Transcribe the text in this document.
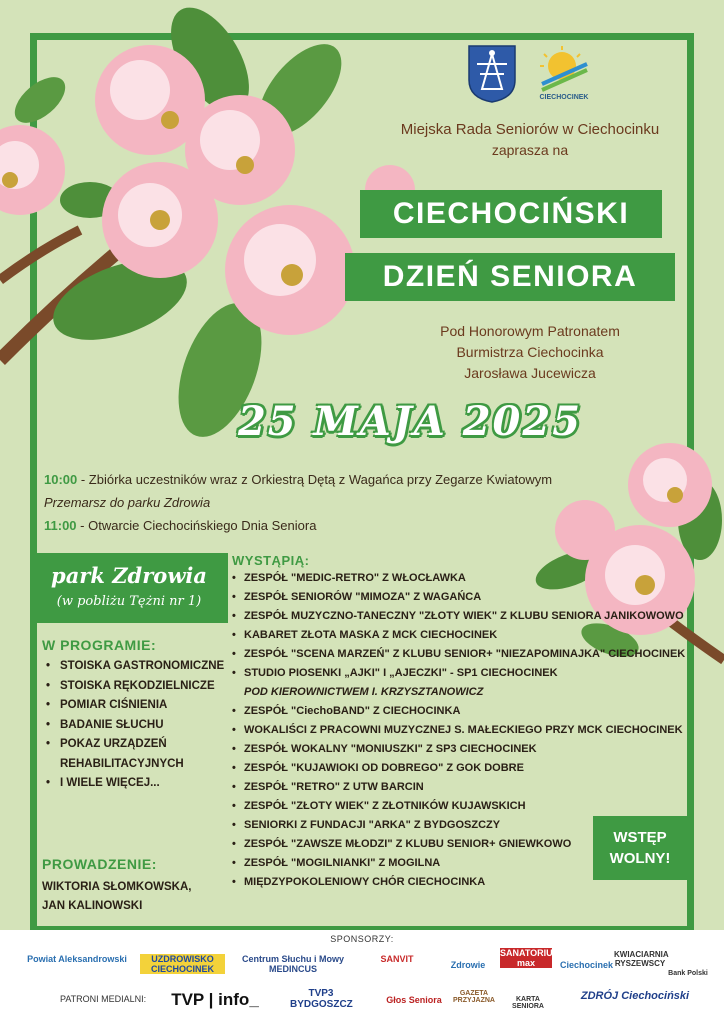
CIECHOCINEK
Miejska Rada Seniorów w Ciechocinku
zaprasza na
CIECHOCIŃSKI
DZIEŃ SENIORA
Pod Honorowym Patronatem
Burmistrza Ciechocinka
Jarosława Jucewicza
25 MAJA 2025
10:00 - Zbiórka uczestników wraz z Orkiestrą Dętą z Wagańca przy Zegarze Kwiatowym
Przemarsz do parku Zdrowia
11:00 - Otwarcie Ciechocińskiego Dnia Seniora
park Zdrowia
(w pobliżu Tężni nr 1)
W PROGRAMIE:
• STOISKA GASTRONOMICZNE
• STOISKA RĘKODZIELNICZE
• POMIAR CIŚNIENIA
• BADANIE SŁUCHU
• POKAZ URZĄDZEŃ REHABILITACYJNYCH
• I WIELE WIĘCEJ...
PROWADZENIE:
WIKTORIA SŁOMKOWSKA,
JAN KALINOWSKI
WYSTĄPIĄ:
• ZESPÓŁ "MEDIC-RETRO" Z WŁOCŁAWKA
• ZESPÓŁ SENIORÓW "MIMOZA" Z WAGAŃCA
• ZESPÓŁ MUZYCZNO-TANECZNY "ZŁOTY WIEK" Z KLUBU SENIORA JANIKOWOWO
• KABARET ZŁOTA MASKA Z MCK CIECHOCINEK
• ZESPÓŁ "SCENA MARZEŃ" Z KLUBU SENIOR+ "NIEZAPOMINAJKA" CIECHOCINEK
• STUDIO PIOSENKI „AJKI" I „AJECZKI" - SP1 CIECHOCINEK
POD KIEROWNICTWEM I. KRZYSZTANOWICZ
• ZESPÓŁ "CiechoBAND" Z CIECHOCINKA
• WOKALIŚCI Z PRACOWNI MUZYCZNEJ S. MAŁECKIEGO PRZY MCK CIECHOCINEK
• ZESPÓŁ WOKALNY "MONIUSZKI" Z SP3 CIECHOCINEK
• ZESPÓŁ "KUJAWIOKI OD DOBREGO" Z GOK DOBRE
• ZESPÓŁ "RETRO" Z UTW BARCIN
• ZESPÓŁ "ZŁOTY WIEK" Z ZŁOTNIKÓW KUJAWSKICH
• SENIORKI Z FUNDACJI "ARKA" Z BYDGOSZCZY
• ZESPÓŁ "ZAWSZE MŁODZI" Z KLUBU SENIOR+ GNIEWKOWO
• ZESPÓŁ "MOGILNIANKI" Z MOGILNA
• MIĘDZYPOKOLENIOWY CHÓR CIECHOCINKA
WSTĘP
WOLNY!
SPONSORZY:
Powiat Aleksandrowski	UZDROWISKO CIECHOCINEK
Centrum Słuchu i Mowy MEDINCUS
SANVIT
Zdrowie
SANATORIUM max	Ciechocinek
KWIACIARNIA RYSZEWSCY
Bank Polski
PATRONI MEDIALNI:	TVP | info_	TVP3 BYDGOSZCZ	Głos Seniora
GAZETA PRZYJAZNA	KARTA SENIORA
ZDRÓJ Ciechociński
